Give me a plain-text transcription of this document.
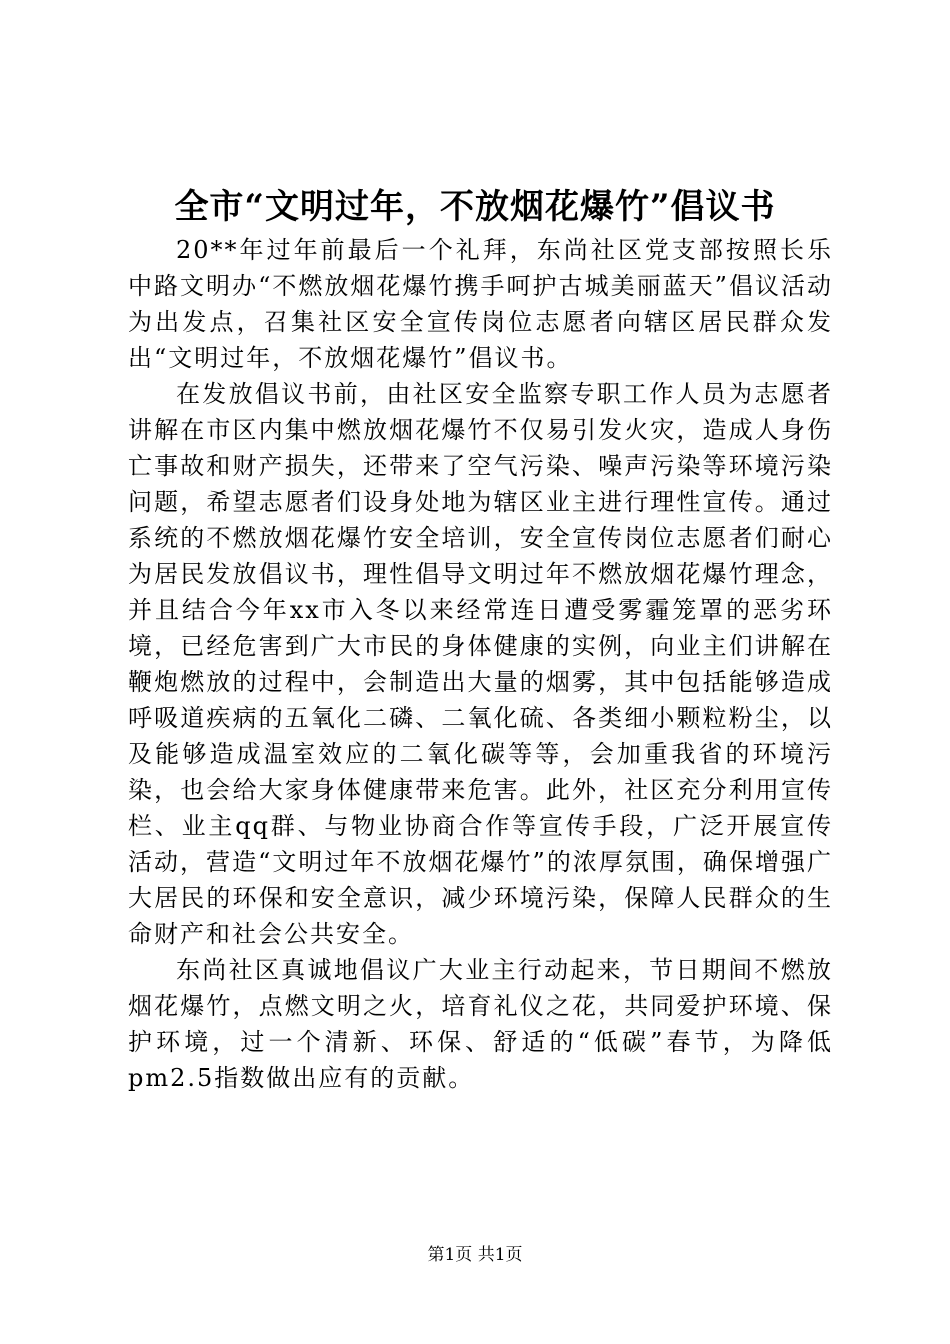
全市“文明过年，不放烟花爆竹”倡议书

20**年过年前最后一个礼拜，东尚社区党支部按照长乐中路文明办“不燃放烟花爆竹携手呵护古城美丽蓝天”倡议活动为出发点，召集社区安全宣传岗位志愿者向辖区居民群众发出“文明过年，不放烟花爆竹”倡议书。

在发放倡议书前，由社区安全监察专职工作人员为志愿者讲解在市区内集中燃放烟花爆竹不仅易引发火灾，造成人身伤亡事故和财产损失，还带来了空气污染、噪声污染等环境污染问题，希望志愿者们设身处地为辖区业主进行理性宣传。通过系统的不燃放烟花爆竹安全培训，安全宣传岗位志愿者们耐心为居民发放倡议书，理性倡导文明过年不燃放烟花爆竹理念，并且结合今年xx市入冬以来经常连日遭受雾霾笼罩的恶劣环境，已经危害到广大市民的身体健康的实例，向业主们讲解在鞭炮燃放的过程中，会制造出大量的烟雾，其中包括能够造成呼吸道疾病的五氧化二磷、二氧化硫、各类细小颗粒粉尘，以及能够造成温室效应的二氧化碳等等，会加重我省的环境污染，也会给大家身体健康带来危害。此外，社区充分利用宣传栏、业主qq群、与物业协商合作等宣传手段，广泛开展宣传活动，营造“文明过年不放烟花爆竹”的浓厚氛围，确保增强广大居民的环保和安全意识，减少环境污染，保障人民群众的生命财产和社会公共安全。

东尚社区真诚地倡议广大业主行动起来，节日期间不燃放烟花爆竹，点燃文明之火，培育礼仪之花，共同爱护环境、保护环境，过一个清新、环保、舒适的“低碳”春节，为降低pm2.5指数做出应有的贡献。

第1页 共1页
